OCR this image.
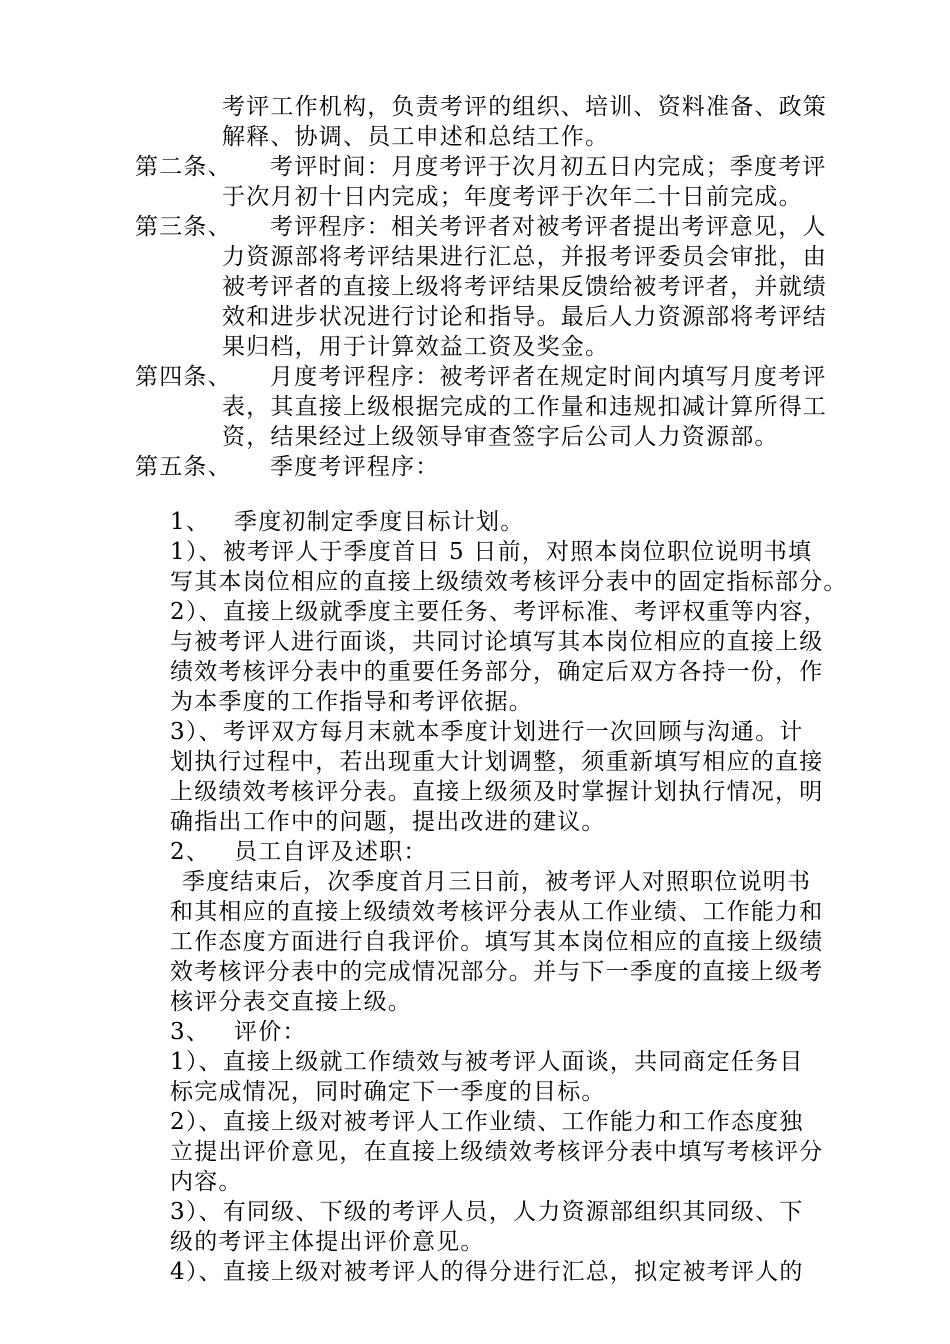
考评工作机构，负责考评的组织、培训、资料准备、政策
解释、协调、员工申述和总结工作。
第二条、 考评时间：月度考评于次月初五日内完成；季度考评
于次月初十日内完成；年度考评于次年二十日前完成。
第三条、 考评程序：相关考评者对被考评者提出考评意见，人
力资源部将考评结果进行汇总，并报考评委员会审批，由
被考评者的直接上级将考评结果反馈给被考评者，并就绩
效和进步状况进行讨论和指导。最后人力资源部将考评结
果归档，用于计算效益工资及奖金。
第四条、 月度考评程序：被考评者在规定时间内填写月度考评
表，其直接上级根据完成的工作量和违规扣减计算所得工
资，结果经过上级领导审查签字后公司人力资源部。
第五条、 季度考评程序：
1、 季度初制定季度目标计划。
1）、被考评人于季度首日 5 日前，对照本岗位职位说明书填
写其本岗位相应的直接上级绩效考核评分表中的固定指标部分。
2）、直接上级就季度主要任务、考评标准、考评权重等内容，
与被考评人进行面谈，共同讨论填写其本岗位相应的直接上级
绩效考核评分表中的重要任务部分，确定后双方各持一份，作
为本季度的工作指导和考评依据。
3）、考评双方每月末就本季度计划进行一次回顾与沟通。计
划执行过程中，若出现重大计划调整，须重新填写相应的直接
上级绩效考核评分表。直接上级须及时掌握计划执行情况，明
确指出工作中的问题，提出改进的建议。
2、 员工自评及述职：
季度结束后，次季度首月三日前，被考评人对照职位说明书
和其相应的直接上级绩效考核评分表从工作业绩、工作能力和
工作态度方面进行自我评价。填写其本岗位相应的直接上级绩
效考核评分表中的完成情况部分。并与下一季度的直接上级考
核评分表交直接上级。
3、 评价：
1）、直接上级就工作绩效与被考评人面谈，共同商定任务目
标完成情况，同时确定下一季度的目标。
2）、直接上级对被考评人工作业绩、工作能力和工作态度独
立提出评价意见，在直接上级绩效考核评分表中填写考核评分
内容。
3）、有同级、下级的考评人员，人力资源部组织其同级、下
级的考评主体提出评价意见。
4）、直接上级对被考评人的得分进行汇总，拟定被考评人的
